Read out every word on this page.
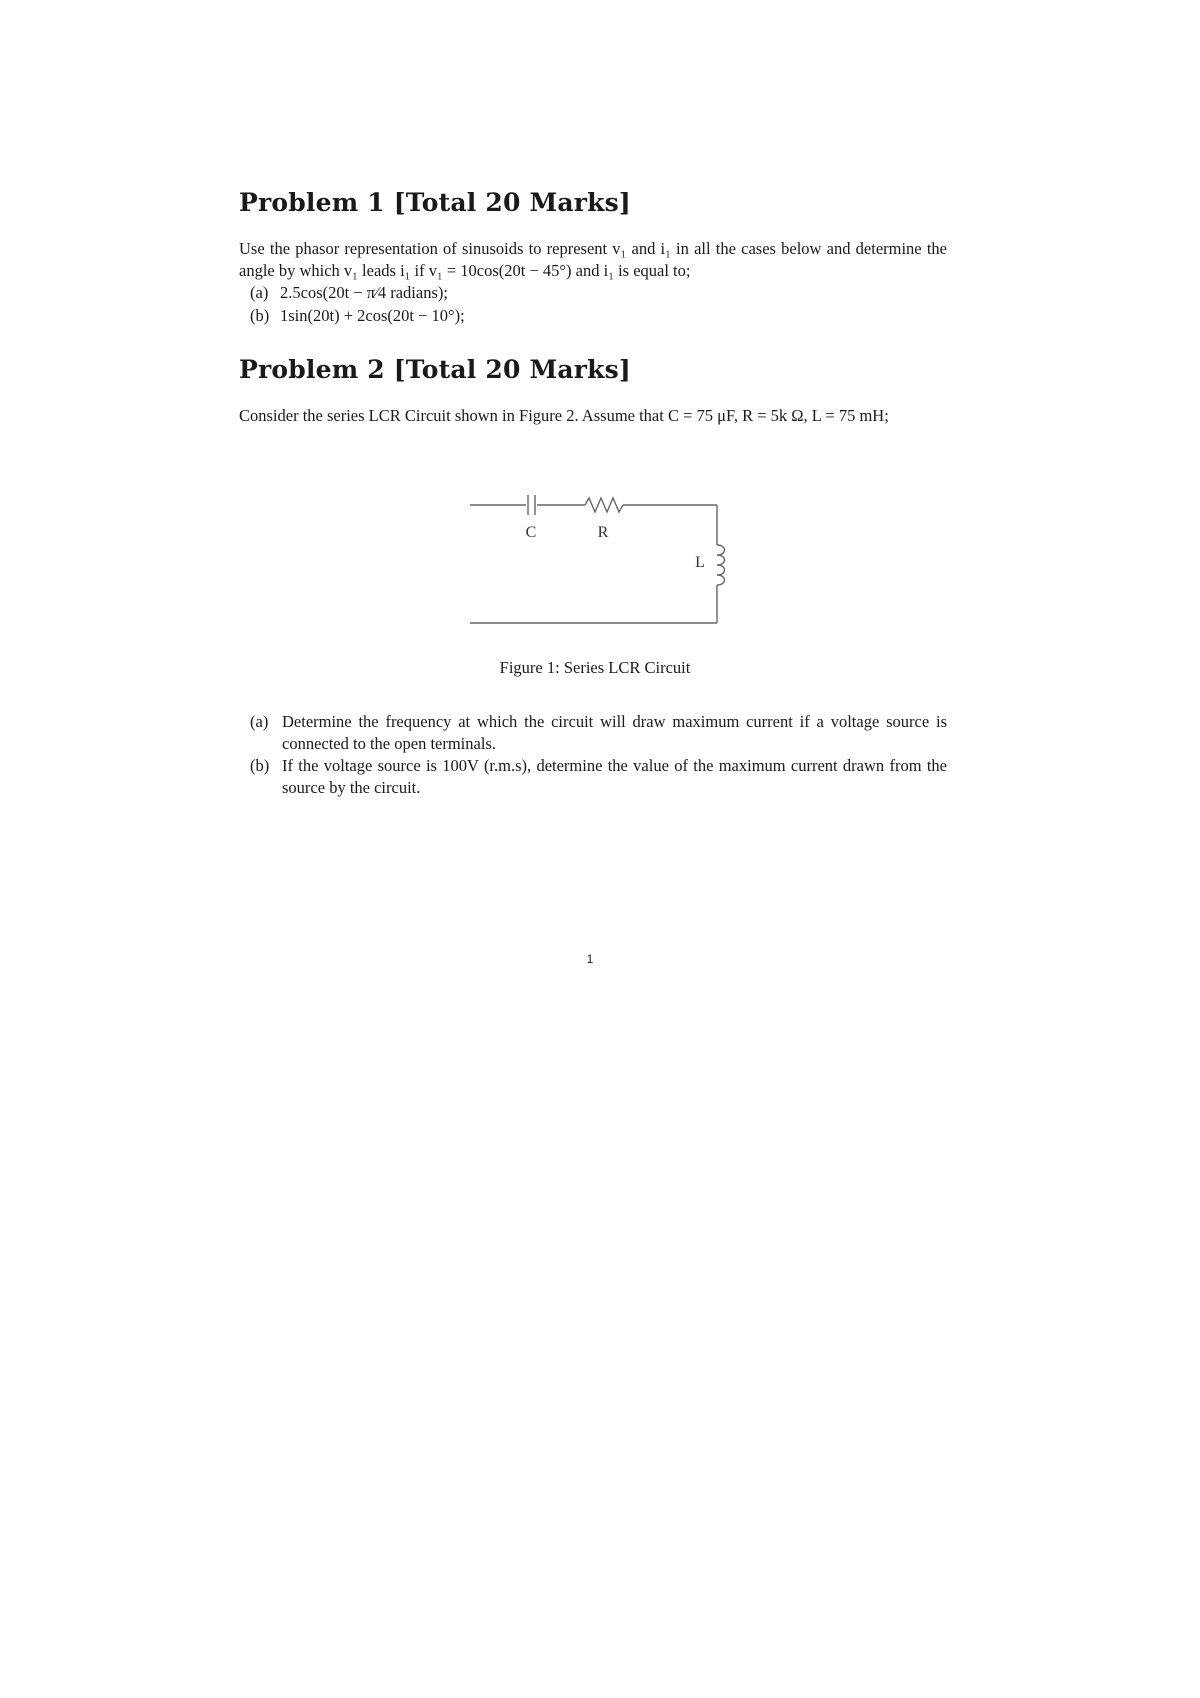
Problem 1 [Total 20 Marks]

Use the phasor representation of sinusoids to represent v₁ and i₁ in all the cases below and determine the angle by which v₁ leads i₁ if v₁ = 10cos(20t − 45°) and i₁ is equal to;

(a) 2.5cos(20t − π⁄4 radians);
(b) 1sin(20t) + 2cos(20t − 10°);
Problem 2 [Total 20 Marks]

Consider the series LCR Circuit shown in Figure 2. Assume that C = 75 μF, R = 5k Ω, L = 75 mH;

C	R
L

Figure 1: Series LCR Circuit

(a) Determine the frequency at which the circuit will draw maximum current if a voltage source is connected to the open terminals.
(b) If the voltage source is 100V (r.m.s), determine the value of the maximum current drawn from the source by the circuit.
1
